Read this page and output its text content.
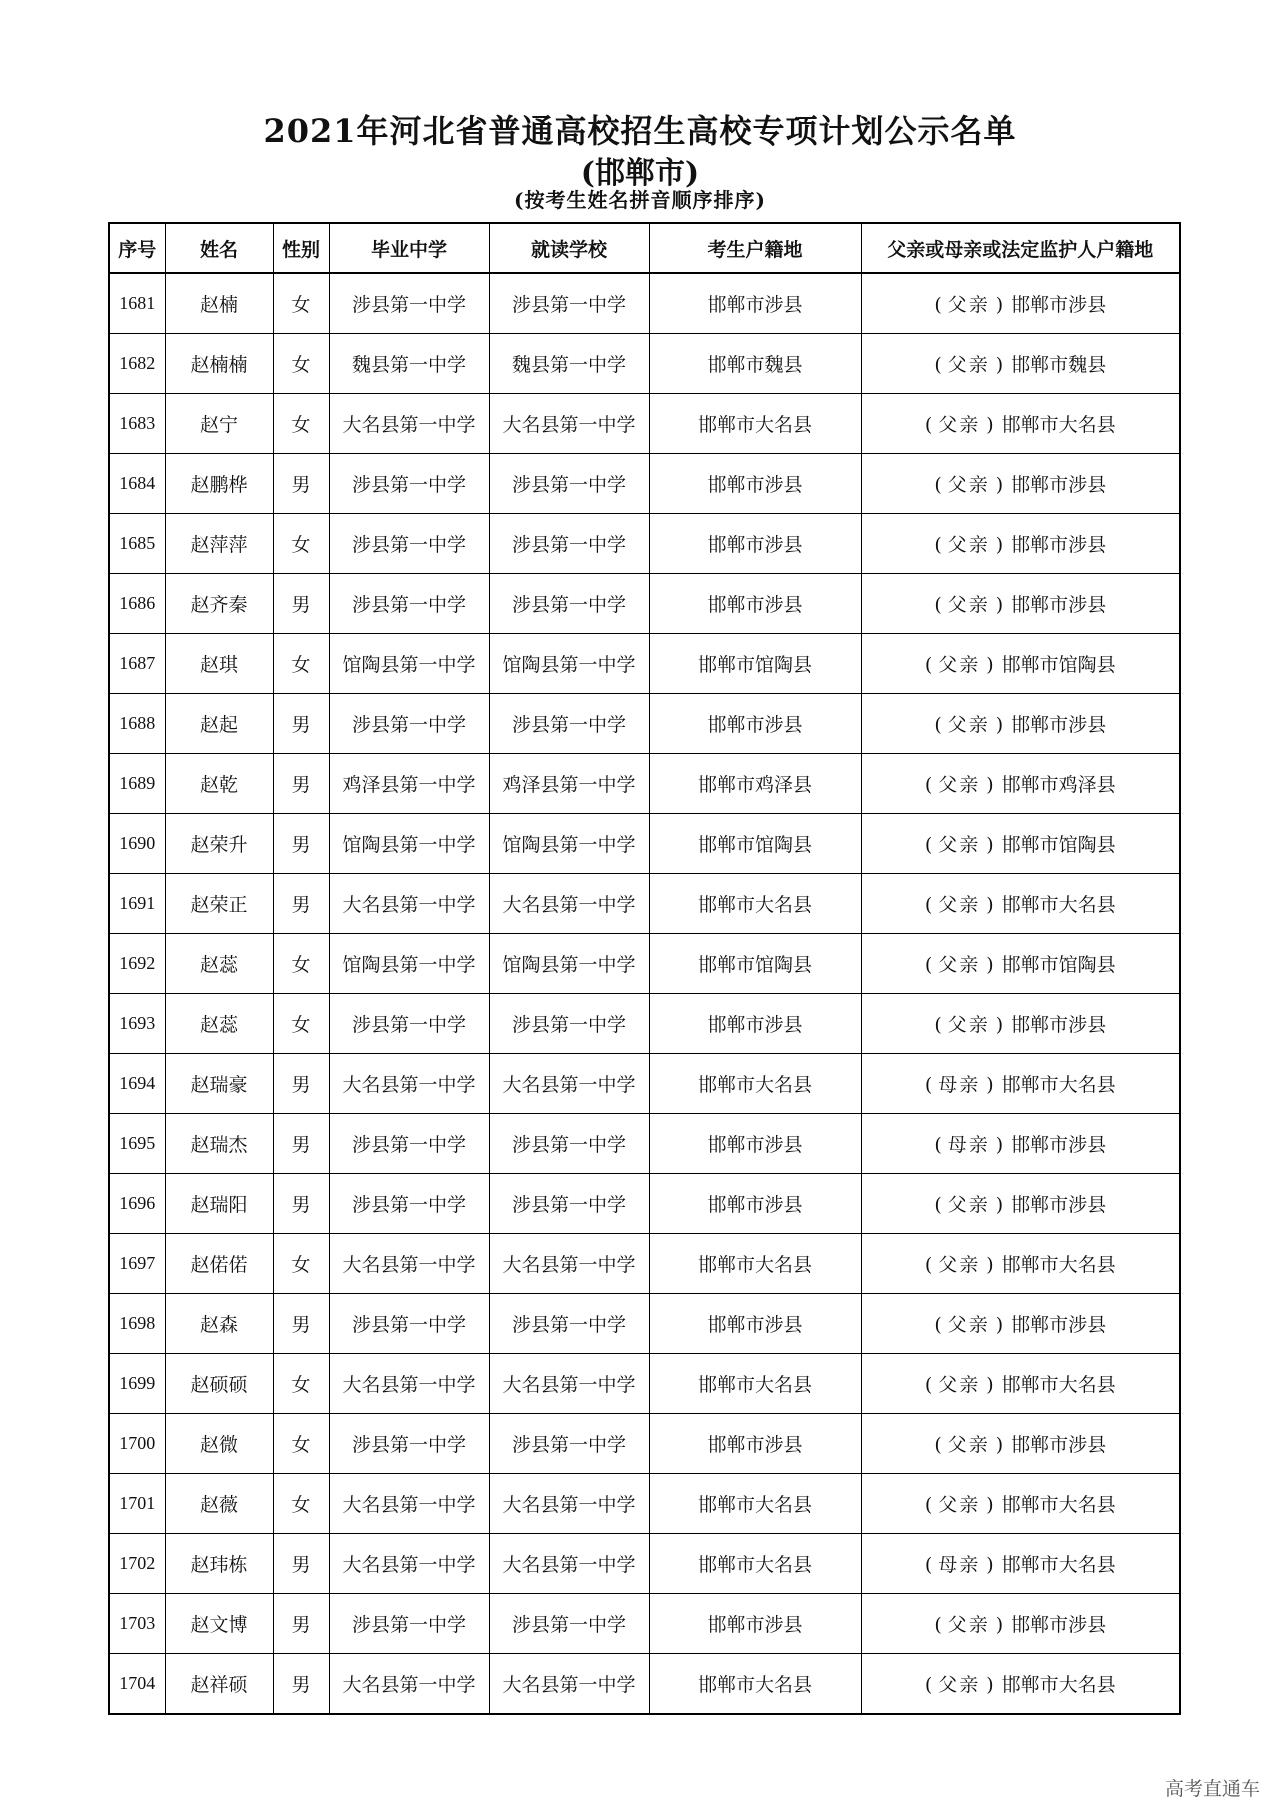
2021年河北省普通高校招生高校专项计划公示名单
(邯郸市)
(按考生姓名拼音顺序排序)
序号	姓名	性别	毕业中学	就读学校	考生户籍地	父亲或母亲或法定监护人户籍地
1681	赵楠	女	涉县第一中学	涉县第一中学	邯郸市涉县	( 父亲 ) 邯郸市涉县
1682	赵楠楠	女	魏县第一中学	魏县第一中学	邯郸市魏县	( 父亲 ) 邯郸市魏县
1683	赵宁	女	大名县第一中学	大名县第一中学	邯郸市大名县	( 父亲 ) 邯郸市大名县
1684	赵鹏桦	男	涉县第一中学	涉县第一中学	邯郸市涉县	( 父亲 ) 邯郸市涉县
1685	赵萍萍	女	涉县第一中学	涉县第一中学	邯郸市涉县	( 父亲 ) 邯郸市涉县
1686	赵齐秦	男	涉县第一中学	涉县第一中学	邯郸市涉县	( 父亲 ) 邯郸市涉县
1687	赵琪	女	馆陶县第一中学	馆陶县第一中学	邯郸市馆陶县	( 父亲 ) 邯郸市馆陶县
1688	赵起	男	涉县第一中学	涉县第一中学	邯郸市涉县	( 父亲 ) 邯郸市涉县
1689	赵乾	男	鸡泽县第一中学	鸡泽县第一中学	邯郸市鸡泽县	( 父亲 ) 邯郸市鸡泽县
1690	赵荣升	男	馆陶县第一中学	馆陶县第一中学	邯郸市馆陶县	( 父亲 ) 邯郸市馆陶县
1691	赵荣正	男	大名县第一中学	大名县第一中学	邯郸市大名县	( 父亲 ) 邯郸市大名县
1692	赵蕊	女	馆陶县第一中学	馆陶县第一中学	邯郸市馆陶县	( 父亲 ) 邯郸市馆陶县
1693	赵蕊	女	涉县第一中学	涉县第一中学	邯郸市涉县	( 父亲 ) 邯郸市涉县
1694	赵瑞豪	男	大名县第一中学	大名县第一中学	邯郸市大名县	( 母亲 ) 邯郸市大名县
1695	赵瑞杰	男	涉县第一中学	涉县第一中学	邯郸市涉县	( 母亲 ) 邯郸市涉县
1696	赵瑞阳	男	涉县第一中学	涉县第一中学	邯郸市涉县	( 父亲 ) 邯郸市涉县
1697	赵偌偌	女	大名县第一中学	大名县第一中学	邯郸市大名县	( 父亲 ) 邯郸市大名县
1698	赵森	男	涉县第一中学	涉县第一中学	邯郸市涉县	( 父亲 ) 邯郸市涉县
1699	赵硕硕	女	大名县第一中学	大名县第一中学	邯郸市大名县	( 父亲 ) 邯郸市大名县
1700	赵微	女	涉县第一中学	涉县第一中学	邯郸市涉县	( 父亲 ) 邯郸市涉县
1701	赵薇	女	大名县第一中学	大名县第一中学	邯郸市大名县	( 父亲 ) 邯郸市大名县
1702	赵玮栋	男	大名县第一中学	大名县第一中学	邯郸市大名县	( 母亲 ) 邯郸市大名县
1703	赵文博	男	涉县第一中学	涉县第一中学	邯郸市涉县	( 父亲 ) 邯郸市涉县
1704	赵祥硕	男	大名县第一中学	大名县第一中学	邯郸市大名县	( 父亲 ) 邯郸市大名县
高考直通车
